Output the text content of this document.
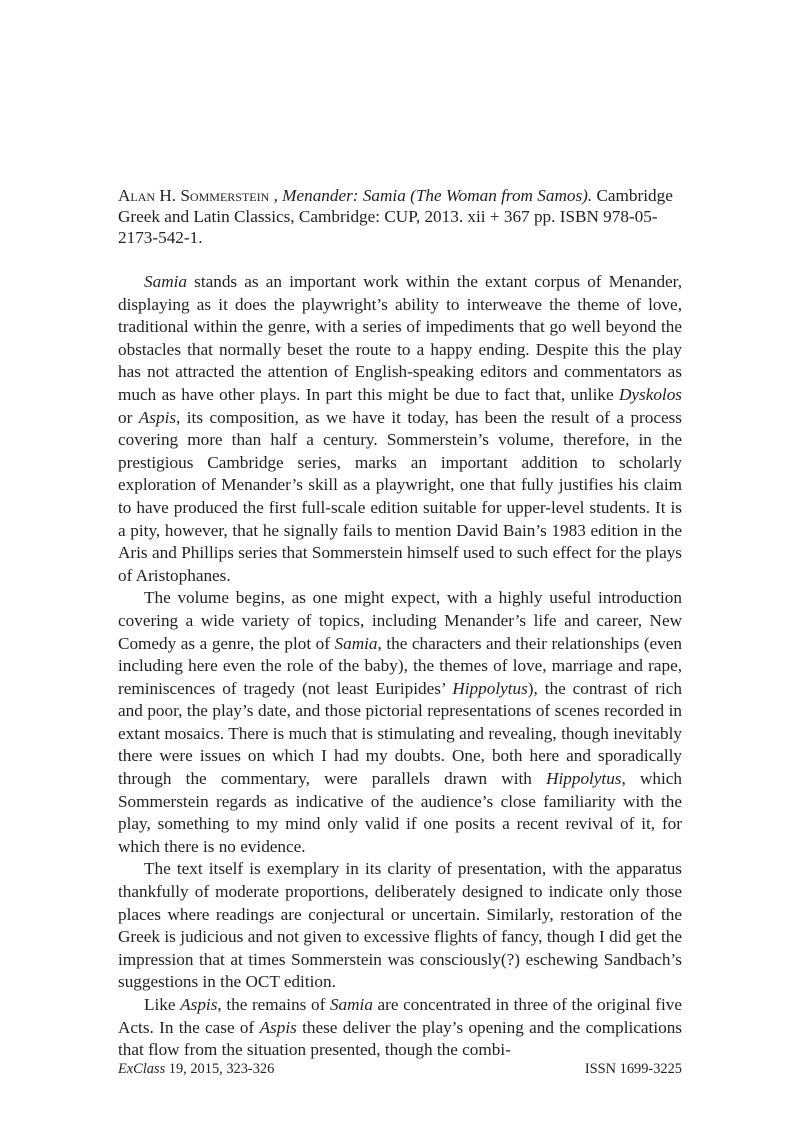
Alan H. Sommerstein , Menander: Samia (The Woman from Samos). Cambridge Greek and Latin Classics, Cambridge: CUP, 2013. xii + 367 pp. ISBN 978-05-2173-542-1.

Samia stands as an important work within the extant corpus of Menander, displaying as it does the playwright’s ability to interweave the theme of love, traditional within the genre, with a series of impediments that go well beyond the obstacles that normally beset the route to a happy ending. Despite this the play has not attracted the attention of English-speaking editors and commentators as much as have other plays. In part this might be due to fact that, unlike Dyskolos or Aspis, its composition, as we have it today, has been the result of a process covering more than half a century. Sommerstein’s volume, therefore, in the prestigious Cambridge series, marks an important addition to scholarly exploration of Menander’s skill as a playwright, one that fully justifies his claim to have produced the first full-scale edition suitable for upper-level students. It is a pity, however, that he signally fails to mention David Bain’s 1983 edition in the Aris and Phillips series that Sommerstein himself used to such effect for the plays of Aristophanes.

The volume begins, as one might expect, with a highly useful introduction covering a wide variety of topics, including Menander’s life and career, New Comedy as a genre, the plot of Samia, the characters and their relationships (even including here even the role of the baby), the themes of love, marriage and rape, reminiscences of tragedy (not least Euripides’ Hippolytus), the contrast of rich and poor, the play’s date, and those pictorial representations of scenes recorded in extant mosaics. There is much that is stimulating and revealing, though inevitably there were issues on which I had my doubts. One, both here and sporadically through the commentary, were parallels drawn with Hippolytus, which Sommerstein regards as indicative of the audience’s close familiarity with the play, something to my mind only valid if one posits a recent revival of it, for which there is no evidence.

The text itself is exemplary in its clarity of presentation, with the apparatus thankfully of moderate proportions, deliberately designed to indicate only those places where readings are conjectural or uncertain. Similarly, restoration of the Greek is judicious and not given to excessive flights of fancy, though I did get the impression that at times Sommerstein was consciously(?) eschewing Sandbach’s suggestions in the OCT edition.

Like Aspis, the remains of Samia are concentrated in three of the original five Acts. In the case of Aspis these deliver the play’s opening and the complications that flow from the situation presented, though the combi-

ExClass 19, 2015, 323-326	ISSN 1699-3225
